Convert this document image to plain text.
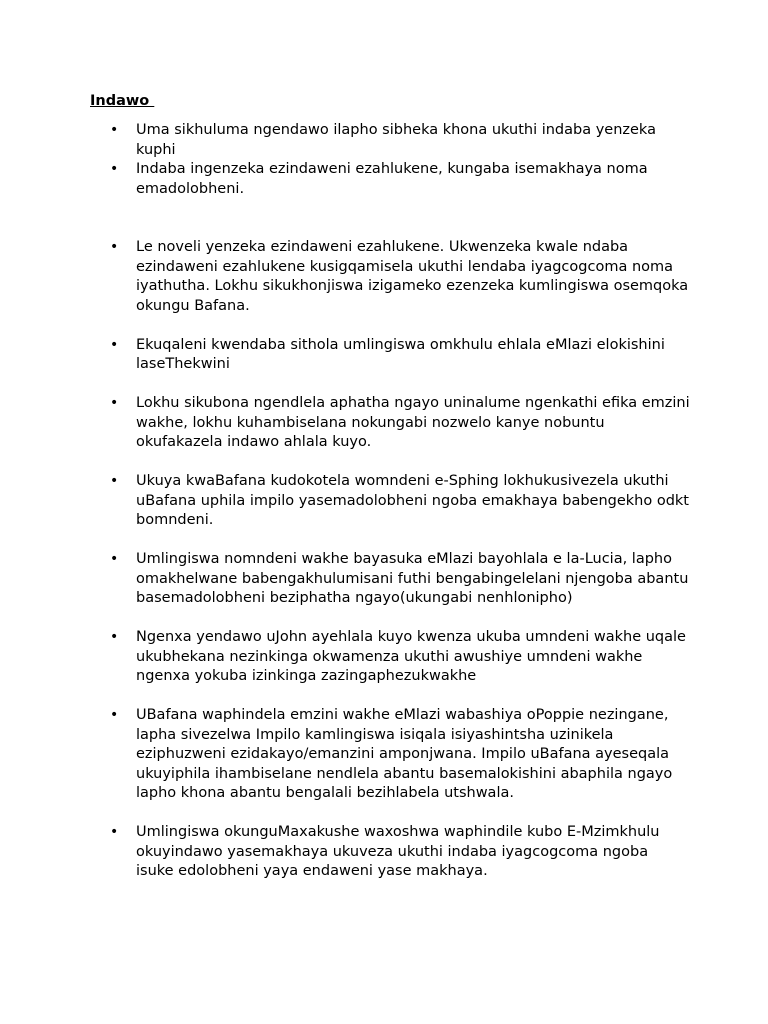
Indawo
• Uma sikhuluma ngendawo ilapho sibheka khona ukuthi indaba yenzeka kuphi
• Indaba ingenzeka ezindaweni ezahlukene, kungaba isemakhaya noma emadolobheni.
• Le noveli yenzeka ezindaweni ezahlukene. Ukwenzeka kwale ndaba ezindaweni ezahlukene kusigqamisela ukuthi lendaba iyagcogcoma noma iyathutha. Lokhu sikukhonjiswa izigameko ezenzeka kumlingiswa osemqoka okungu Bafana.
• Ekuqaleni kwendaba sithola umlingiswa omkhulu ehlala eMlazi elokishini laseThekwini
• Lokhu sikubona ngendlela aphatha ngayo uninalume ngenkathi efika emzini wakhe, lokhu kuhambiselana nokungabi nozwelo kanye nobuntu okufakazela indawo ahlala kuyo.
• Ukuya kwaBafana kudokotela womndeni e-Sphing lokhukusivezela ukuthi uBafana uphila impilo yasemadolobheni ngoba emakhaya babengekho odkt bomndeni.
• Umlingiswa nomndeni wakhe bayasuka eMlazi bayohlala e la-Lucia, lapho omakhelwane babengakhulumisani futhi bengabingelelani njengoba abantu basemadolobheni beziphatha ngayo(ukungabi nenhlonipho)
• Ngenxa yendawo uJohn ayehlala kuyo kwenza ukuba umndeni wakhe uqale ukubhekana nezinkinga okwamenza ukuthi awushiye umndeni wakhe ngenxa yokuba izinkinga zazingaphezukwakhe
• UBafana waphindela emzini wakhe eMlazi wabashiya oPoppie nezingane, lapha sivezelwa Impilo kamlingiswa isiqala isiyashintsha uzinikela eziphuzweni ezidakayo/emanzini amponjwana. Impilo uBafana ayeseqala ukuyiphila ihambiselane nendlela abantu basemalokishini abaphila ngayo lapho khona abantu bengalali bezihlabela utshwala.
• Umlingiswa okunguMaxakushe waxoshwa waphindile kubo E-Mzimkhulu okuyindawo yasemakhaya ukuveza ukuthi indaba iyagcogcoma ngoba isuke edolobheni yaya endaweni yase makhaya.
